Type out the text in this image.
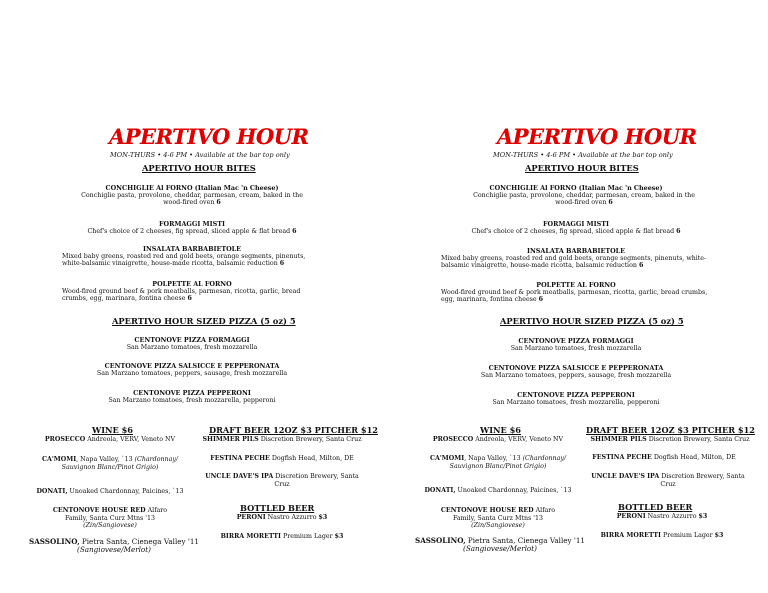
APERTIVO HOUR
MON-THURS • 4-6 PM • Available at the bar top only
APERTIVO HOUR BITES
CONCHIGLIE Al FORNO (Italian Mac 'n Cheese)
Conchiglie pasta, provolone, cheddar, parmesan, cream, baked in the wood-fired oven 6
FORMAGGI MISTI
Chef's choice of 2 cheeses, fig spread, sliced apple & flat bread 6
INSALATA BARBABIETOLE
Mixed baby greens, roasted red and gold beets, orange segments, pinenuts, white-balsamic vinaigrette, house-made ricotta, balsamic reduction 6
POLPETTE AL FORNO
Wood-fired ground beef & pork meatballs, parmesan, ricotta, garlic, bread crumbs, egg, marinara, fontina cheese 6
APERTIVO HOUR SIZED PIZZA (5 oz) 5
CENTONOVE PIZZA FORMAGGI
San Marzano tomatoes, fresh mozzarella
CENTONOVE PIZZA SALSICCE E PEPPERONATA
San Marzano tomatoes, peppers, sausage, fresh mozzarella
CENTONOVE PIZZA PEPPERONI
San Marzano tomatoes, fresh mozzarella, pepperoni
WINE $6	DRAFT BEER 12OZ $3 PITCHER $12
PROSECCO Andreola, VERV, Veneto NV
CA'MOMI, Napa Valley, `13 (Chardonnay/ Sauvignon Blanc/Pinot Grigio)
DONATI, Unoaked Chardonnay, Paicines, `13
CENTONOVE HOUSE RED Alfaro Family, Santa Curz Mtns '13 (Zin/Sangiovese)
SASSOLINO, Pietra Santa, Cienega Valley '11
(Sangiovese/Merlot)
SHIMMER PILS Discretion Brewery, Santa Cruz
FESTINA PECHE Dogfish Head, Milton, DE
UNCLE DAVE'S IPA Discretion Brewery, Santa Cruz
BOTTLED BEER
PERONI Nastro Azzurro $3
BIRRA MORETTI Premium Lager $3
APERTIVO HOUR
MON-THURS • 4-6 PM • Available at the bar top only
APERTIVO HOUR BITES
CONCHIGLIE Al FORNO (Italian Mac 'n Cheese)
Conchiglie pasta, provolone, cheddar, parmesan, cream, baked in the wood-fired oven 6
FORMAGGI MISTI
Chef's choice of 2 cheeses, fig spread, sliced apple & flat bread 6
INSALATA BARBABIETOLE
Mixed baby greens, roasted red and gold beets, orange segments, pinenuts, white-balsamic vinaigrette, house-made ricotta, balsamic reduction 6
POLPETTE AL FORNO
Wood-fired ground beef & pork meatballs, parmesan, ricotta, garlic, bread crumbs, egg, marinara, fontina cheese 6
APERTIVO HOUR SIZED PIZZA (5 oz) 5
CENTONOVE PIZZA FORMAGGI
San Marzano tomatoes, fresh mozzarella
CENTONOVE PIZZA SALSICCE E PEPPERONATA
San Marzano tomatoes, peppers, sausage, fresh mozzarella
CENTONOVE PIZZA PEPPERONI
San Marzano tomatoes, fresh mozzarella, pepperoni
WINE $6	DRAFT BEER 12OZ $3 PITCHER $12
PROSECCO Andreola, VERV, Veneto NV
CA'MOMI, Napa Valley, `13 (Chardonnay/ Sauvignon Blanc/Pinot Grigio)
DONATI, Unoaked Chardonnay, Paicines, `13
CENTONOVE HOUSE RED Alfaro Family, Santa Curz Mtns '13 (Zin/Sangiovese)
SASSOLINO, Pietra Santa, Cienega Valley '11
(Sangiovese/Merlot)
SHIMMER PILS Discretion Brewery, Santa Cruz
FESTINA PECHE Dogfish Head, Milton, DE
UNCLE DAVE'S IPA Discretion Brewery, Santa Cruz
BOTTLED BEER
PERONI Nastro Azzurro $3
BIRRA MORETTI Premium Lager $3
